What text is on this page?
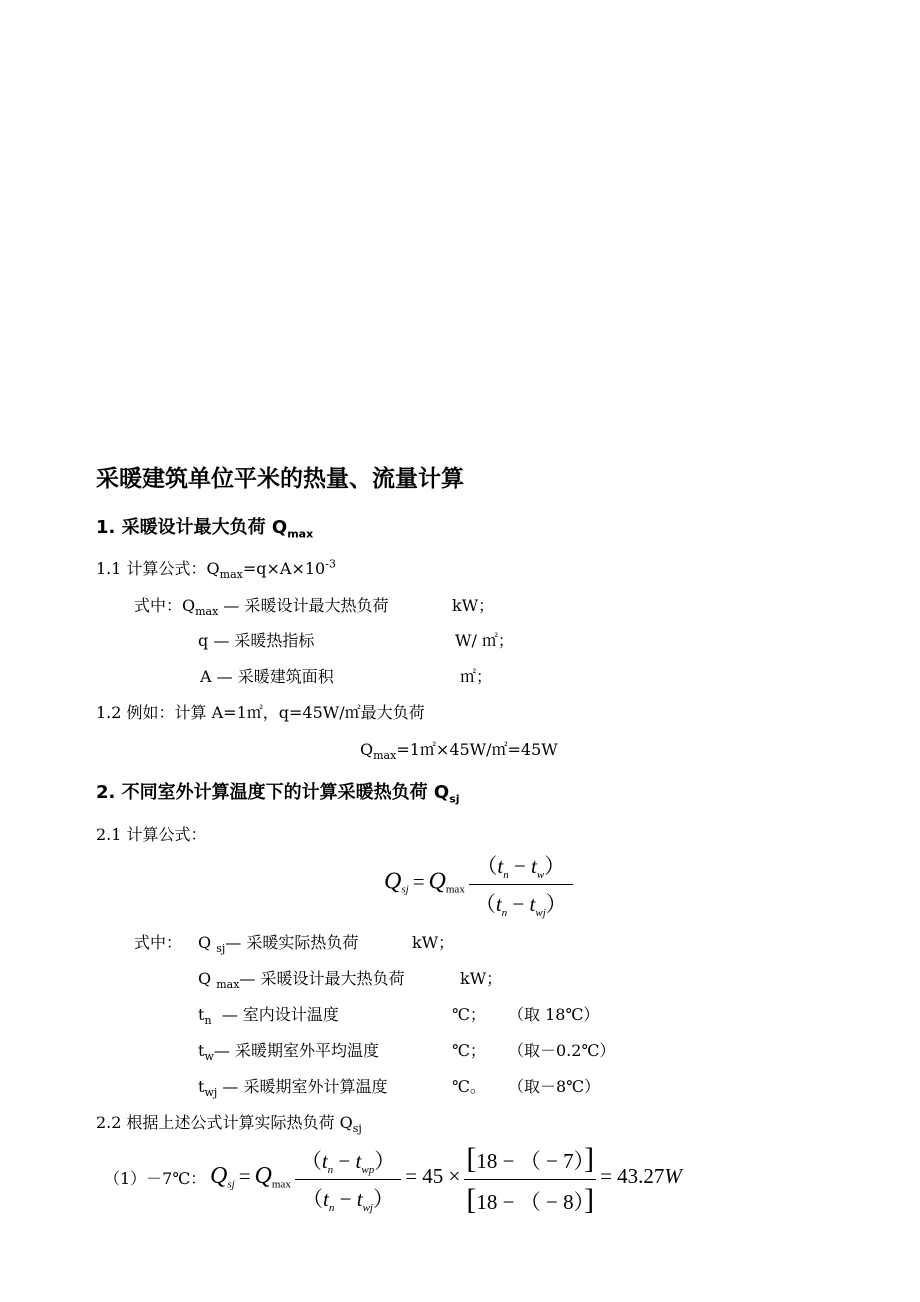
采暖建筑单位平米的热量、流量计算
1. 采暖设计最大负荷 $Q_{max}$
1.1 计算公式：$Q_{max}=q\times A\times 10^{-3}$
式中：$Q_{max}$ — 采暖设计最大热负荷	kW；
q — 采暖热指标	W/ ㎡；
A — 采暖建筑面积	㎡；
1.2 例如：计算 A=1㎡，q=45W/㎡最大负荷
$Q_{max}=1㎡\times 45W/㎡=45W$
2. 不同室外计算温度下的计算采暖热负荷 $Q_{sj}$
2.1 计算公式：
$Q_{sj} = Q_{max} \frac{(t_n - t_w)}{(t_n - t_{wj})}$
式中： Q $_{sj}$— 采暖实际热负荷	kW；
Q $_{max}$— 采暖设计最大热负荷	kW；
$t_n$ — 室内设计温度	℃； （取 18℃）
$t_w—$ 采暖期室外平均温度	℃； （取－0.2℃）
$t_{wj}$ — 采暖期室外计算温度	℃。 （取－8℃）
2.2 根据上述公式计算实际热负荷 $Q_{sj}$
（1）－7℃： $Q_{sj} = Q_{max} \frac{(t_n - t_{wp})}{(t_n - t_{wj})} = 45 \times \frac{[18 - ( - 7)]}{[18 - ( - 8)]} = 43.27W$
